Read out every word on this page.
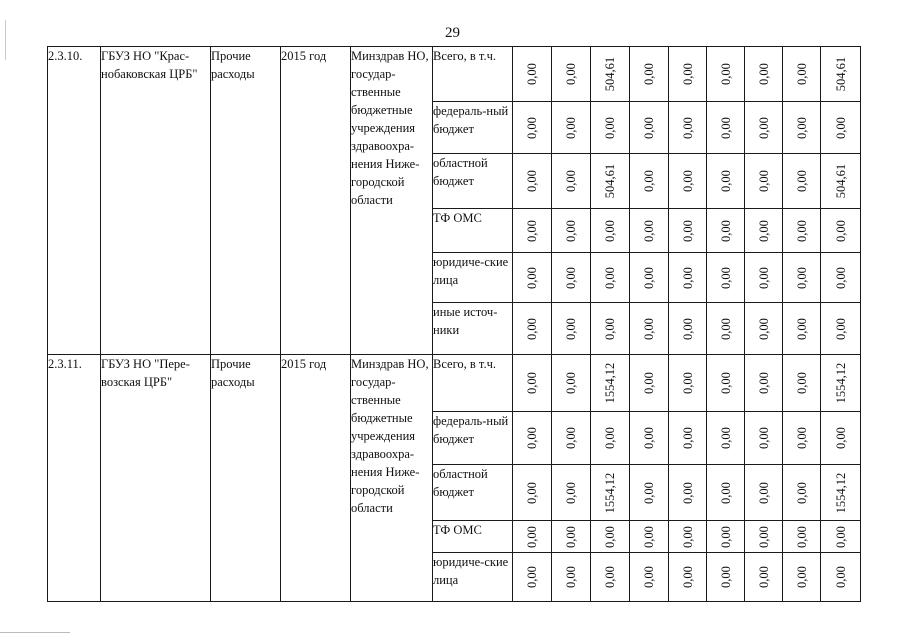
29
2.3.10.	ГБУЗ НО "Крас-нобаковская ЦРБ"	Прочие расходы	2015 год	Минздрав НО, государ-ственные бюджетные учреждения здравоохра-нения Ниже-городской области	Всего, в т.ч.	0,00	0,00	504,61	0,00	0,00	0,00	0,00	0,00	504,61

					федераль-ный бюджет	0,00	0,00	0,00	0,00	0,00	0,00	0,00	0,00	0,00

					областной бюджет	0,00	0,00	504,61	0,00	0,00	0,00	0,00	0,00	504,61

					ТФ ОМС	0,00	0,00	0,00	0,00	0,00	0,00	0,00	0,00	0,00

					юридиче-ские лица	0,00	0,00	0,00	0,00	0,00	0,00	0,00	0,00	0,00

					иные источ-ники	0,00	0,00	0,00	0,00	0,00	0,00	0,00	0,00	0,00

2.3.11.	ГБУЗ НО "Пере-возская ЦРБ"	Прочие расходы	2015 год	Минздрав НО, государ-ственные бюджетные учреждения здравоохра-нения Ниже-городской области	Всего, в т.ч.	0,00	0,00	1554,12	0,00	0,00	0,00	0,00	0,00	1554,12

					федераль-ный бюджет	0,00	0,00	0,00	0,00	0,00	0,00	0,00	0,00	0,00

					областной бюджет	0,00	0,00	1554,12	0,00	0,00	0,00	0,00	0,00	1554,12

					ТФ ОМС	0,00	0,00	0,00	0,00	0,00	0,00	0,00	0,00	0,00

					юридиче-ские лица	0,00	0,00	0,00	0,00	0,00	0,00	0,00	0,00	0,00
